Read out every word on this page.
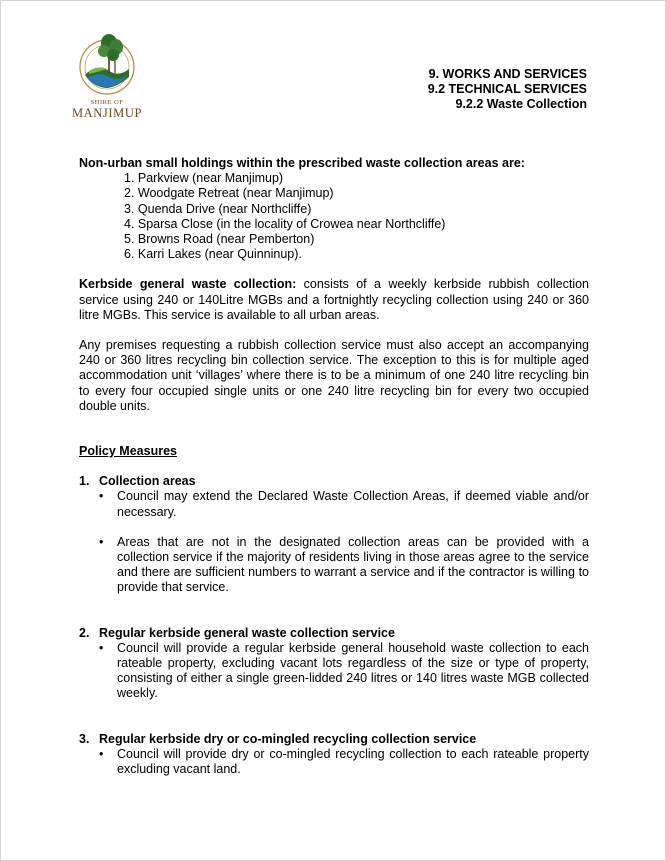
SHIRE OF
MANJIMUP
9. WORKS AND SERVICES
9.2 TECHNICAL SERVICES
9.2.2 Waste Collection

Non-urban small holdings within the prescribed waste collection areas are:

1. Parkview (near Manjimup)
2. Woodgate Retreat (near Manjimup)
3. Quenda Drive (near Northcliffe)
4. Sparsa Close (in the locality of Crowea near Northcliffe)
5. Browns Road (near Pemberton)
6. Karri Lakes (near Quinninup).

Kerbside general waste collection: consists of a weekly kerbside rubbish collection service using 240 or 140Litre MGBs and a fortnightly recycling collection using 240 or 360 litre MGBs. This service is available to all urban areas.

Any premises requesting a rubbish collection service must also accept an accompanying 240 or 360 litres recycling bin collection service. The exception to this is for multiple aged accommodation unit ‘villages’ where there is to be a minimum of one 240 litre recycling bin to every four occupied single units or one 240 litre recycling bin for every two occupied double units.

Policy Measures

1. Collection areas
• Council may extend the Declared Waste Collection Areas, if deemed viable and/or necessary.
• Areas that are not in the designated collection areas can be provided with a collection service if the majority of residents living in those areas agree to the service and there are sufficient numbers to warrant a service and if the contractor is willing to provide that service.
2. Regular kerbside general waste collection service
• Council will provide a regular kerbside general household waste collection to each rateable property, excluding vacant lots regardless of the size or type of property, consisting of either a single green-lidded 240 litres or 140 litres waste MGB collected weekly.
3. Regular kerbside dry or co-mingled recycling collection service
• Council will provide dry or co-mingled recycling collection to each rateable property excluding vacant land.
